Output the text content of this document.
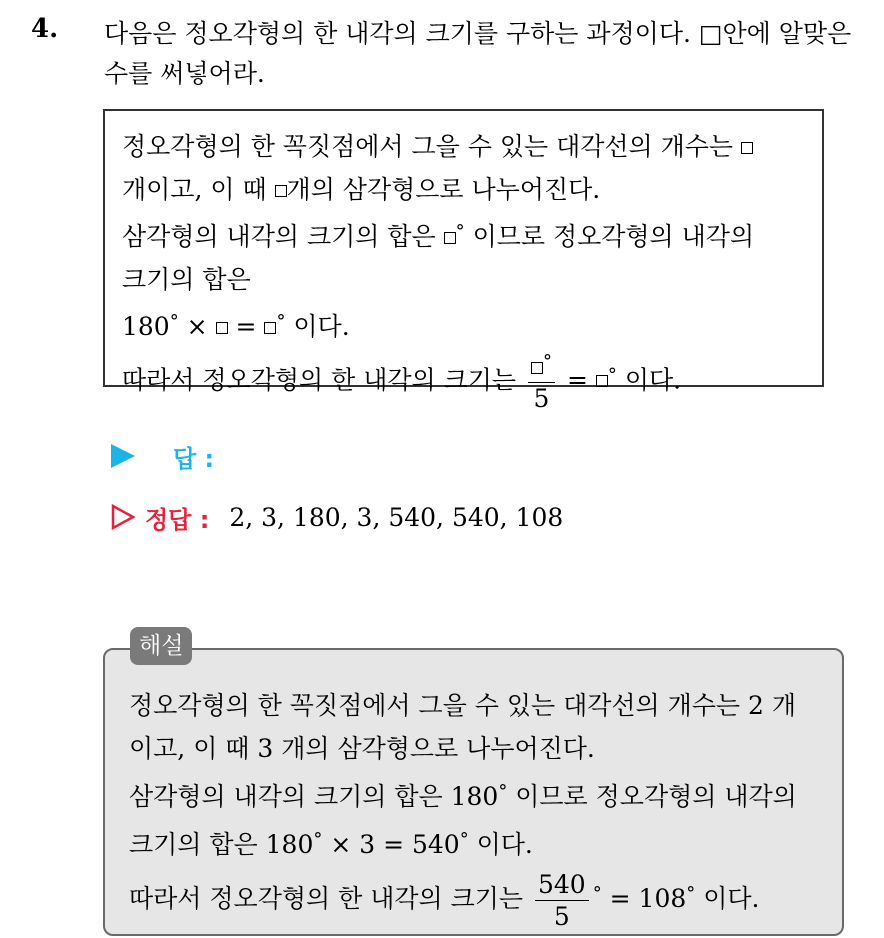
4. 다음은 정오각형의 한 내각의 크기를 구하는 과정이다. □안에 알맞은 수를 써넣어라.
정오각형의 한 꼭짓점에서 그을 수 있는 대각선의 개수는
개이고, 이 때 개의 삼각형으로 나누어진다.
삼각형의 내각의 크기의 합은 ° 이므로 정오각형의 내각의
크기의 합은
180° × = ° 이다.
따라서 정오각형의 한 내각의 크기는 $\frac{^\circ}{5} = ^\circ$ 이다.
답 :
정답 : 2, 3, 180, 3, 540, 540, 108
정오각형의 한 꼭짓점에서 그을 수 있는 대각선의 개수는 2 개
이고, 이 때 3 개의 삼각형으로 나누어진다.
삼각형의 내각의 크기의 합은 180° 이므로 정오각형의 내각의
크기의 합은 180° × 3 = 540° 이다.
따라서 정오각형의 한 내각의 크기는 $\frac{540}{5} ^\circ = 108^\circ$ 이다.
해설
